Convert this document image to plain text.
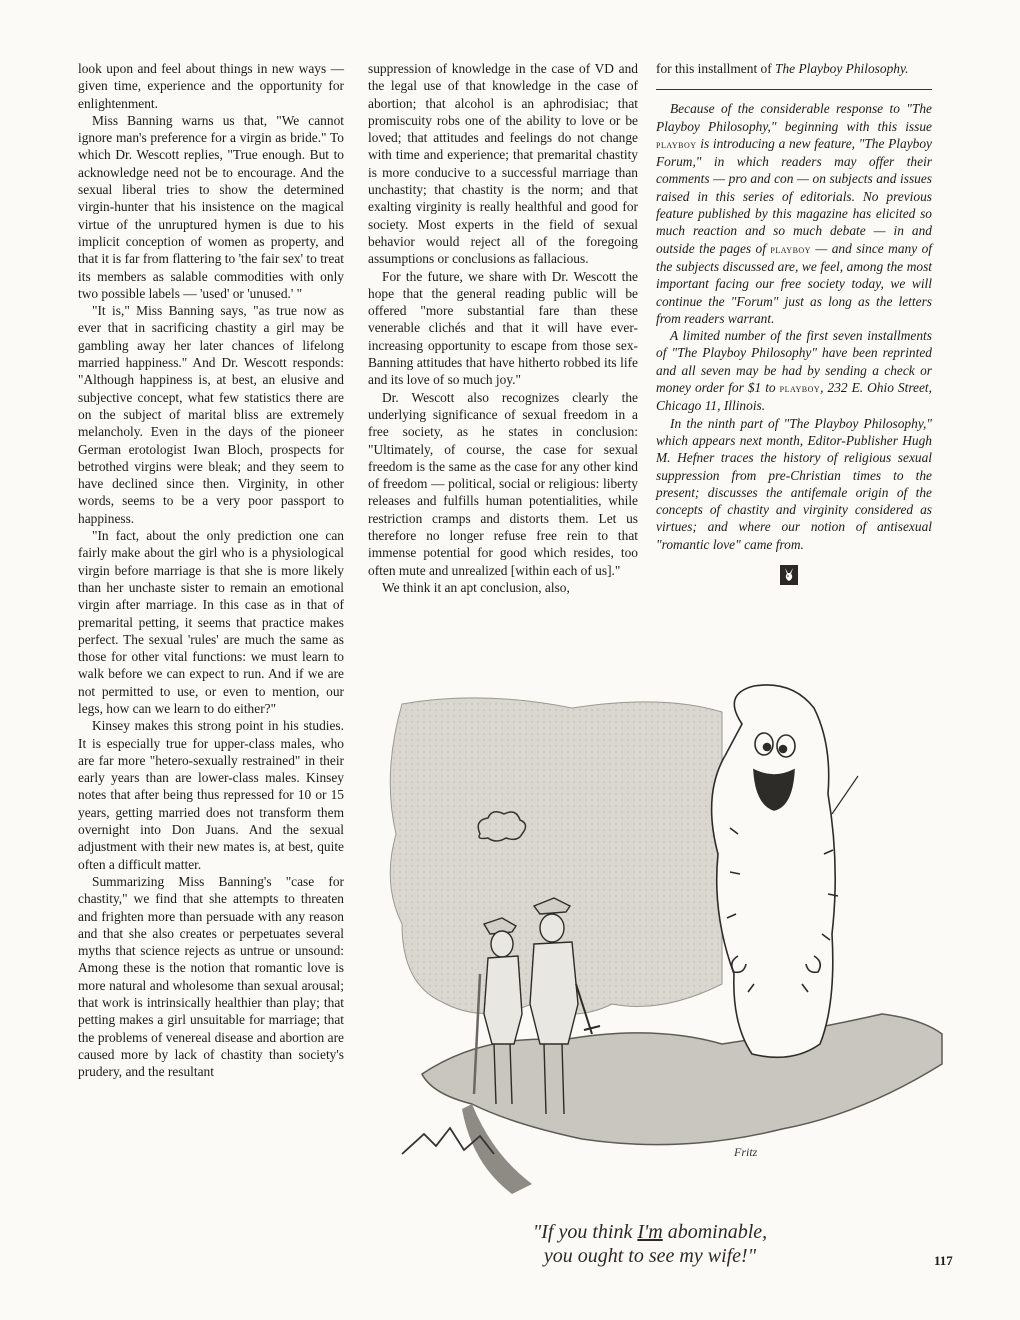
look upon and feel about things in new ways — given time, experience and the opportunity for enlightenment.

Miss Banning warns us that, "We cannot ignore man's preference for a virgin as bride." To which Dr. Wescott replies, "True enough. But to acknowledge need not be to encourage. And the sexual liberal tries to show the determined virgin-hunter that his insistence on the magical virtue of the unruptured hymen is due to his implicit conception of women as property, and that it is far from flattering to 'the fair sex' to treat its members as salable commodities with only two possible labels — 'used' or 'unused.' "

"It is," Miss Banning says, "as true now as ever that in sacrificing chastity a girl may be gambling away her later chances of lifelong married happiness." And Dr. Wescott responds: "Although happiness is, at best, an elusive and subjective concept, what few statistics there are on the subject of marital bliss are extremely melancholy. Even in the days of the pioneer German erotologist Iwan Bloch, prospects for betrothed virgins were bleak; and they seem to have declined since then. Virginity, in other words, seems to be a very poor passport to happiness.

"In fact, about the only prediction one can fairly make about the girl who is a physiological virgin before marriage is that she is more likely than her unchaste sister to remain an emotional virgin after marriage. In this case as in that of premarital petting, it seems that practice makes perfect. The sexual 'rules' are much the same as those for other vital functions: we must learn to walk before we can expect to run. And if we are not permitted to use, or even to mention, our legs, how can we learn to do either?"

Kinsey makes this strong point in his studies. It is especially true for upper-class males, who are far more "hetero-sexually restrained" in their early years than are lower-class males. Kinsey notes that after being thus repressed for 10 or 15 years, getting married does not transform them overnight into Don Juans. And the sexual adjustment with their new mates is, at best, quite often a difficult matter.

Summarizing Miss Banning's "case for chastity," we find that she attempts to threaten and frighten more than persuade with any reason and that she also creates or perpetuates several myths that science rejects as untrue or unsound: Among these is the notion that romantic love is more natural and wholesome than sexual arousal; that work is intrinsically healthier than play; that petting makes a girl unsuitable for marriage; that the problems of venereal disease and abortion are caused more by lack of chastity than society's prudery, and the resultant

suppression of knowledge in the case of VD and the legal use of that knowledge in the case of abortion; that alcohol is an aphrodisiac; that promiscuity robs one of the ability to love or be loved; that attitudes and feelings do not change with time and experience; that premarital chastity is more conducive to a successful marriage than unchastity; that chastity is the norm; and that exalting virginity is really healthful and good for society. Most experts in the field of sexual behavior would reject all of the foregoing assumptions or conclusions as fallacious.

For the future, we share with Dr. Wescott the hope that the general reading public will be offered "more substantial fare than these venerable clichés and that it will have ever-increasing opportunity to escape from those sex-Banning attitudes that have hitherto robbed its life and its love of so much joy."

Dr. Wescott also recognizes clearly the underlying significance of sexual freedom in a free society, as he states in conclusion: "Ultimately, of course, the case for sexual freedom is the same as the case for any other kind of freedom — political, social or religious: liberty releases and fulfills human potentialities, while restriction cramps and distorts them. Let us therefore no longer refuse free rein to that immense potential for good which resides, too often mute and unrealized [within each of us]."

We think it an apt conclusion, also,

for this installment of The Playboy Philosophy.

Because of the considerable response to "The Playboy Philosophy," beginning with this issue playboy is introducing a new feature, "The Playboy Forum," in which readers may offer their comments — pro and con — on subjects and issues raised in this series of editorials. No previous feature published by this magazine has elicited so much reaction and so much debate — in and outside the pages of playboy — and since many of the subjects discussed are, we feel, among the most important facing our free society today, we will continue the "Forum" just as long as the letters from readers warrant.

A limited number of the first seven installments of "The Playboy Philosophy" have been reprinted and all seven may be had by sending a check or money order for $1 to playboy, 232 E. Ohio Street, Chicago 11, Illinois.

In the ninth part of "The Playboy Philosophy," which appears next month, Editor-Publisher Hugh M. Hefner traces the history of religious sexual suppression from pre-Christian times to the present; discusses the antifemale origin of the concepts of chastity and virginity considered as virtues; and where our notion of antisexual "romantic love" came from.

Fritz
"If you think I'm abominable,
you ought to see my wife!"	117
